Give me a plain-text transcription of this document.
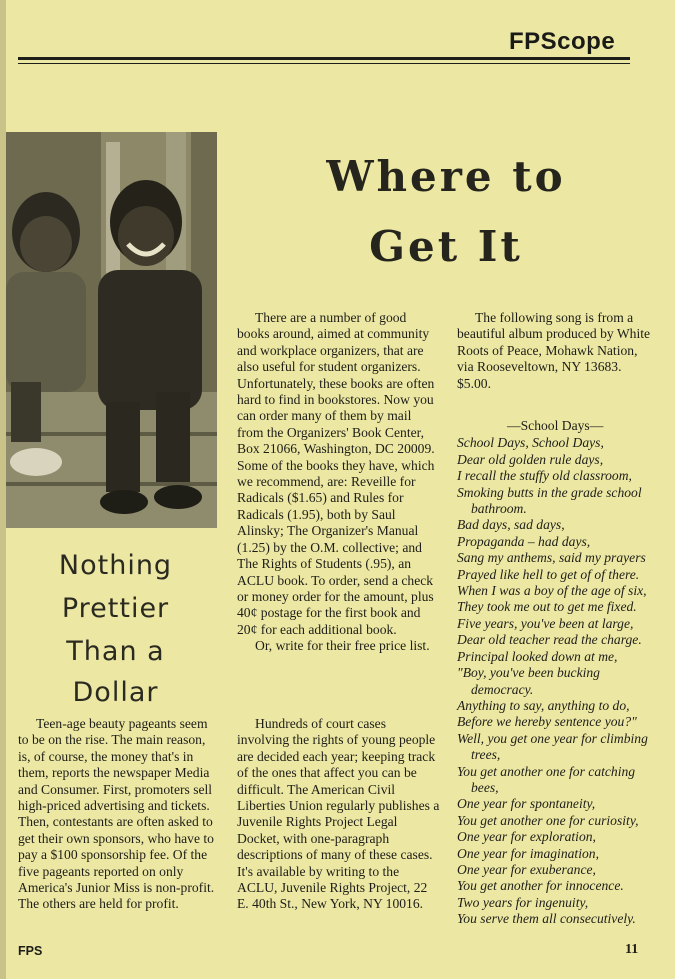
FPScope
Where to
Get It
Nothing
Prettier
Than a
Dollar

Teen-age beauty pageants seem to be on the rise. The main reason, is, of course, the money that's in them, reports the newspaper Media and Consumer. First, promoters sell high-priced advertising and tickets. Then, contestants are often asked to get their own sponsors, who have to pay a $100 sponsorship fee. Of the five pageants reported on only America's Junior Miss is non-profit. The others are held for profit.

There are a number of good books around, aimed at community and workplace organizers, that are also useful for student organizers. Unfortunately, these books are often hard to find in bookstores. Now you can order many of them by mail from the Organizers' Book Center, Box 21066, Washington, DC 20009. Some of the books they have, which we recommend, are: Reveille for Radicals ($1.65) and Rules for Radicals (1.95), both by Saul Alinsky; The Organizer's Manual (1.25) by the O.M. collective; and The Rights of Students (.95), an ACLU book. To order, send a check or money order for the amount, plus 40¢ postage for the first book and 20¢ for each additional book.

Or, write for their free price list.

Hundreds of court cases involving the rights of young people are decided each year; keeping track of the ones that affect you can be difficult. The American Civil Liberties Union regularly publishes a Juvenile Rights Project Legal Docket, with one-paragraph descriptions of many of these cases. It's available by writing to the ACLU, Juvenile Rights Project, 22 E. 40th St., New York, NY 10016.

The following song is from a beautiful album produced by White Roots of Peace, Mohawk Nation, via Rooseveltown, NY 13683. $5.00.

—School Days—
School Days, School Days,
Dear old golden rule days,
I recall the stuffy old classroom,
Smoking butts in the grade school bathroom.
Bad days, sad days,
Propaganda – had days,
Sang my anthems, said my prayers
Prayed like hell to get of of there.
When I was a boy of the age of six,
They took me out to get me fixed.
Five years, you've been at large,
Dear old teacher read the charge.
Principal looked down at me,
"Boy, you've been bucking democracy.
Anything to say, anything to do,
Before we hereby sentence you?"
Well, you get one year for climbing trees,
You get another one for catching bees,
One year for spontaneity,
You get another one for curiosity,
One year for exploration,
One year for imagination,
One year for exuberance,
You get another for innocence.
Two years for ingenuity,
You serve them all consecutively.
FPS	11
